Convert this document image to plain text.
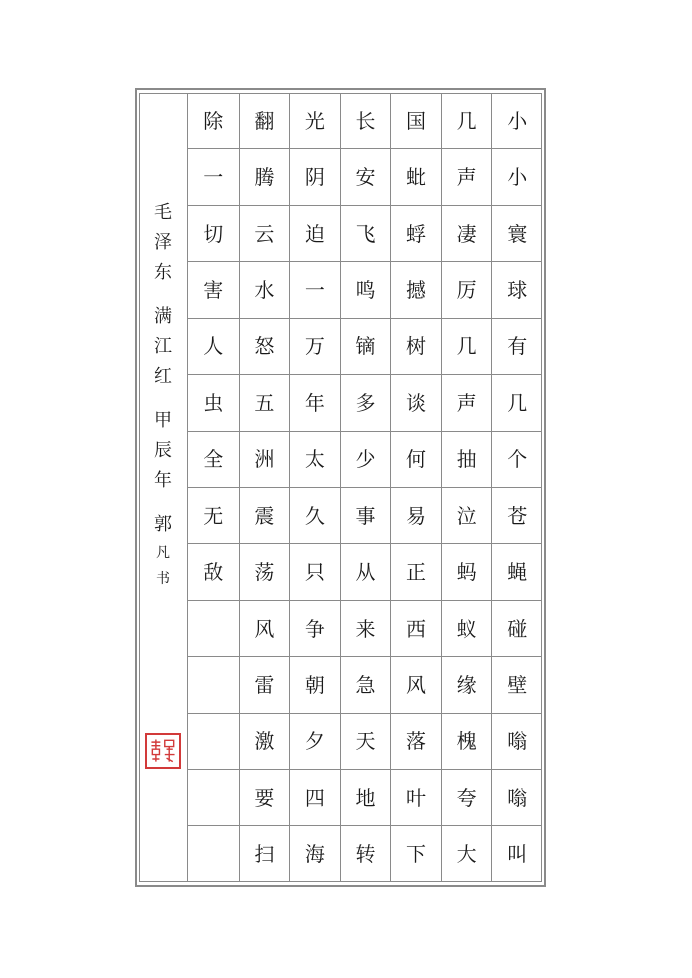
小
小
寰
球
有
几
个
苍
蝇
碰
壁
嗡
嗡
叫
几
声
凄
厉
几
声
抽
泣
蚂
蚁
缘
槐
夸
大
国
蚍
蜉
撼
树
谈
何
易
正
西
风
落
叶
下
长
安
飞
鸣
镝
多
少
事
从
来
急
天
地
转
光
阴
迫
一
万
年
太
久
只
争
朝
夕
四
海
翻
腾
云
水
怒
五
洲
震
荡
风
雷
激
要
扫
除
一
切
害
人
虫
全
无
敌
毛
泽
东
满
江
红
甲
辰
年
郭
凡
书
